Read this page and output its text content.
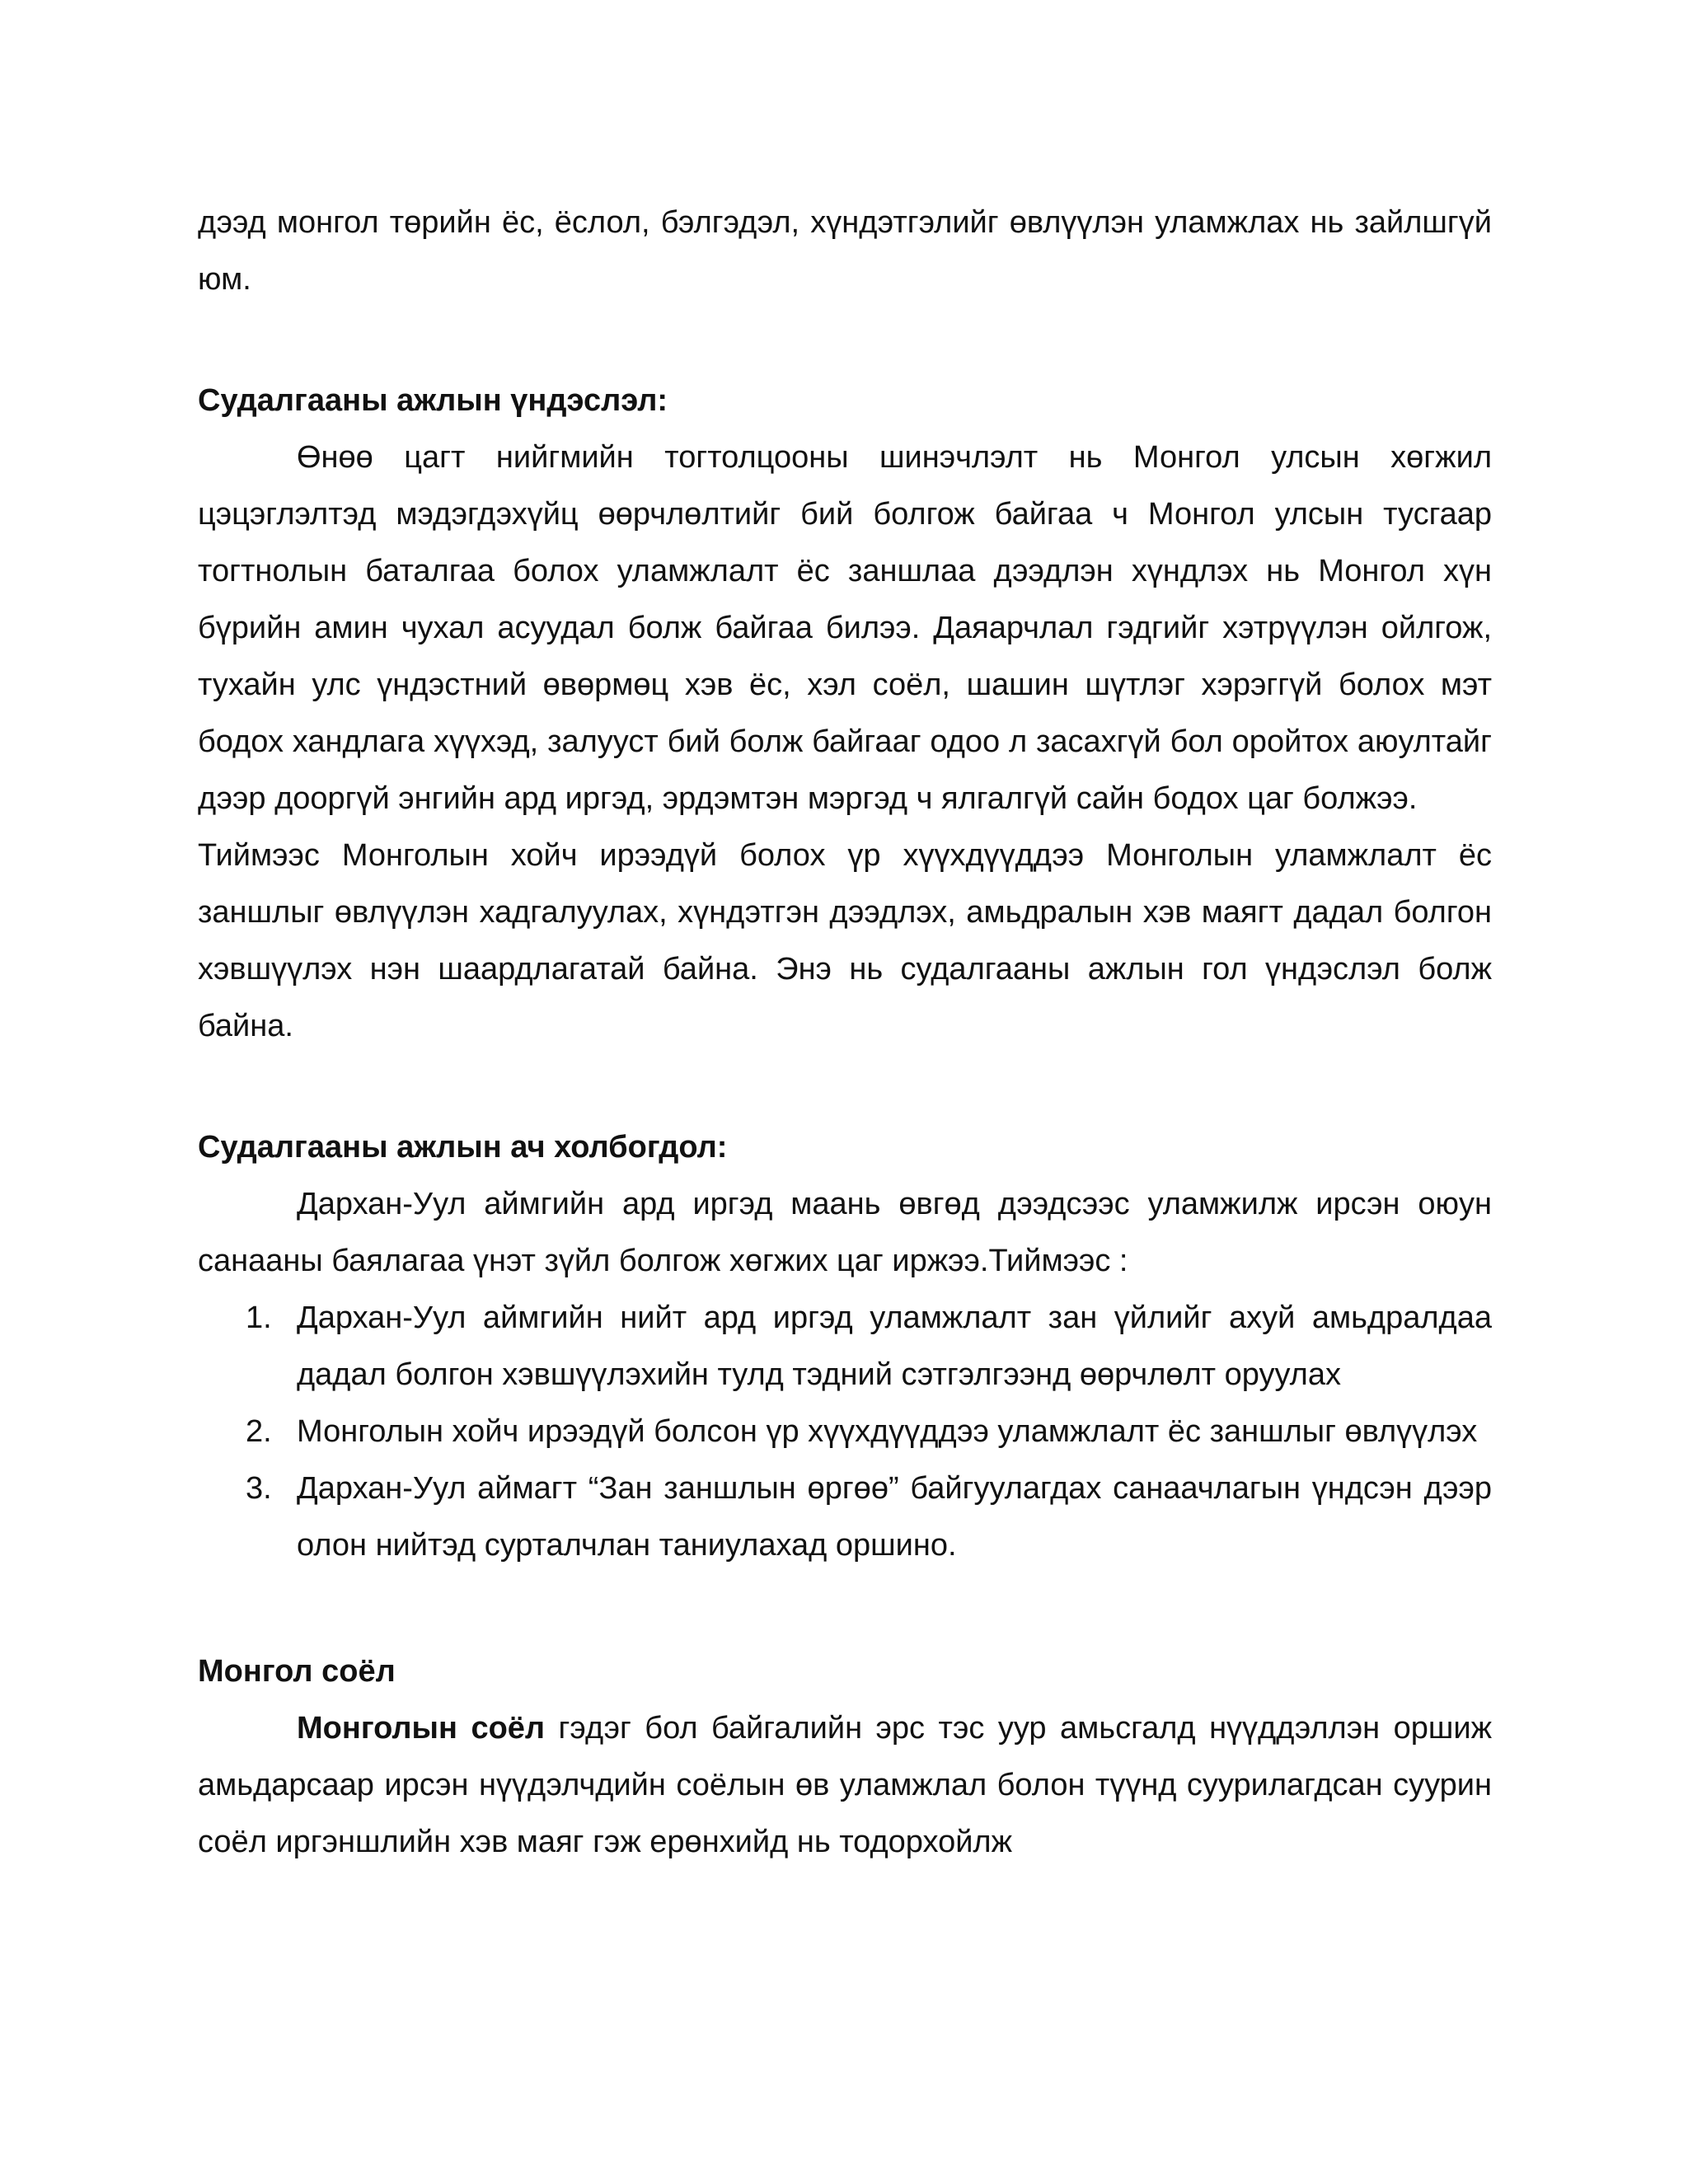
дээд монгол төрийн ёс, ёслол, бэлгэдэл, хүндэтгэлийг өвлүүлэн уламжлах нь зайлшгүй юм.

Судалгааны ажлын үндэслэл:

Өнөө цагт нийгмийн тогтолцооны шинэчлэлт нь Монгол улсын хөгжил цэцэглэлтэд мэдэгдэхүйц өөрчлөлтийг бий болгож байгаа ч Монгол улсын тусгаар тогтнолын баталгаа болох уламжлалт ёс заншлаа дээдлэн хүндлэх нь Монгол хүн бүрийн амин чухал асуудал болж байгаа билээ. Даяарчлал гэдгийг хэтрүүлэн ойлгож, тухайн улс үндэстний өвөрмөц хэв ёс, хэл соёл, шашин шүтлэг хэрэггүй болох мэт бодох хандлага хүүхэд, залууст бий болж байгааг одоо л засахгүй бол оройтох аюултайг дээр дооргүй энгийн ард иргэд, эрдэмтэн мэргэд ч ялгалгүй сайн бодох цаг болжээ.

Тиймээс Монголын хойч ирээдүй болох үр хүүхдүүддээ Монголын уламжлалт ёс заншлыг өвлүүлэн хадгалуулах, хүндэтгэн дээдлэх, амьдралын хэв маягт дадал болгон хэвшүүлэх нэн шаардлагатай байна. Энэ нь судалгааны ажлын гол үндэслэл болж байна.

Судалгааны ажлын ач холбогдол:

Дархан-Уул аймгийн ард иргэд маань өвгөд дээдсээс уламжилж ирсэн оюун санааны баялагаа үнэт зүйл болгож хөгжих цаг иржээ.Тиймээс :

1. Дархан-Уул аймгийн нийт ард иргэд уламжлалт зан үйлийг ахуй амьдралдаа дадал болгон хэвшүүлэхийн тулд тэдний сэтгэлгээнд өөрчлөлт оруулах
2. Монголын хойч ирээдүй болсон үр хүүхдүүддээ уламжлалт ёс заншлыг өвлүүлэх
3. Дархан-Уул аймагт “Зан заншлын өргөө” байгуулагдах санаачлагын үндсэн дээр олон нийтэд сурталчлан таниулахад оршино.

Монгол соёл

Монголын соёл гэдэг бол байгалийн эрс тэс уур амьсгалд нүүддэллэн оршиж амьдарсаар ирсэн нүүдэлчдийн соёлын өв уламжлал болон түүнд суурилагдсан суурин соёл иргэншлийн хэв маяг гэж ерөнхийд нь тодорхойлж
